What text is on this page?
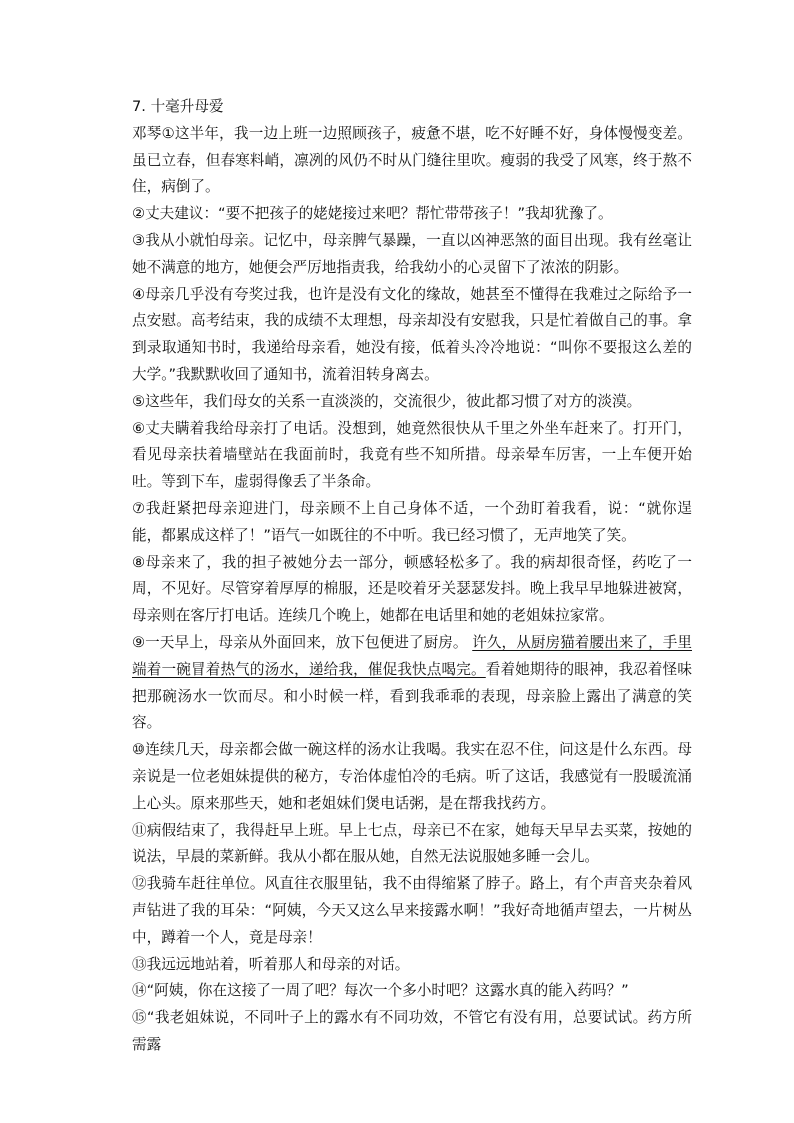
7. 十毫升母爱

邓琴①这半年，我一边上班一边照顾孩子，疲惫不堪，吃不好睡不好，身体慢慢变差。虽已立春，但春寒料峭，凛冽的风仍不时从门缝往里吹。瘦弱的我受了风寒，终于熬不住，病倒了。

②丈夫建议：“要不把孩子的姥姥接过来吧？帮忙带带孩子！”我却犹豫了。

③我从小就怕母亲。记忆中，母亲脾气暴躁，一直以凶神恶煞的面目出现。我有丝毫让她不满意的地方，她便会严厉地指责我，给我幼小的心灵留下了浓浓的阴影。

④母亲几乎没有夸奖过我，也许是没有文化的缘故，她甚至不懂得在我难过之际给予一点安慰。高考结束，我的成绩不太理想，母亲却没有安慰我，只是忙着做自己的事。拿到录取通知书时，我递给母亲看，她没有接，低着头冷冷地说：“叫你不要报这么差的大学。”我默默收回了通知书，流着泪转身离去。

⑤这些年，我们母女的关系一直淡淡的，交流很少，彼此都习惯了对方的淡漠。

⑥丈夫瞒着我给母亲打了电话。没想到，她竟然很快从千里之外坐车赶来了。打开门，看见母亲扶着墙壁站在我面前时，我竟有些不知所措。母亲晕车厉害，一上车便开始吐。等到下车，虚弱得像丢了半条命。

⑦我赶紧把母亲迎进门，母亲顾不上自己身体不适，一个劲盯着我看，说：“就你逞能，都累成这样了！”语气一如既往的不中听。我已经习惯了，无声地笑了笑。

⑧母亲来了，我的担子被她分去一部分，顿感轻松多了。我的病却很奇怪，药吃了一周，不见好。尽管穿着厚厚的棉服，还是咬着牙关瑟瑟发抖。晚上我早早地躲进被窝，母亲则在客厅打电话。连续几个晚上，她都在电话里和她的老姐妹拉家常。

⑨一天早上，母亲从外面回来，放下包便进了厨房。 许久，从厨房猫着腰出来了，手里端着一碗冒着热气的汤水，递给我，催促我快点喝完。看着她期待的眼神，我忍着怪味把那碗汤水一饮而尽。和小时候一样，看到我乖乖的表现，母亲脸上露出了满意的笑容。

⑩连续几天，母亲都会做一碗这样的汤水让我喝。我实在忍不住，问这是什么东西。母亲说是一位老姐妹提供的秘方，专治体虚怕冷的毛病。听了这话，我感觉有一股暖流涌上心头。原来那些天，她和老姐妹们煲电话粥，是在帮我找药方。

⑪病假结束了，我得赶早上班。早上七点，母亲已不在家，她每天早早去买菜，按她的说法，早晨的菜新鲜。我从小都在服从她，自然无法说服她多睡一会儿。

⑫我骑车赶往单位。风直往衣服里钻，我不由得缩紧了脖子。路上，有个声音夹杂着风声钻进了我的耳朵：“阿姨，今天又这么早来接露水啊！”我好奇地循声望去，一片树丛中，蹲着一个人，竟是母亲！

⑬我远远地站着，听着那人和母亲的对话。

⑭“阿姨，你在这接了一周了吧？每次一个多小时吧？这露水真的能入药吗？”

⑮“我老姐妹说，不同叶子上的露水有不同功效，不管它有没有用，总要试试。药方所需露
